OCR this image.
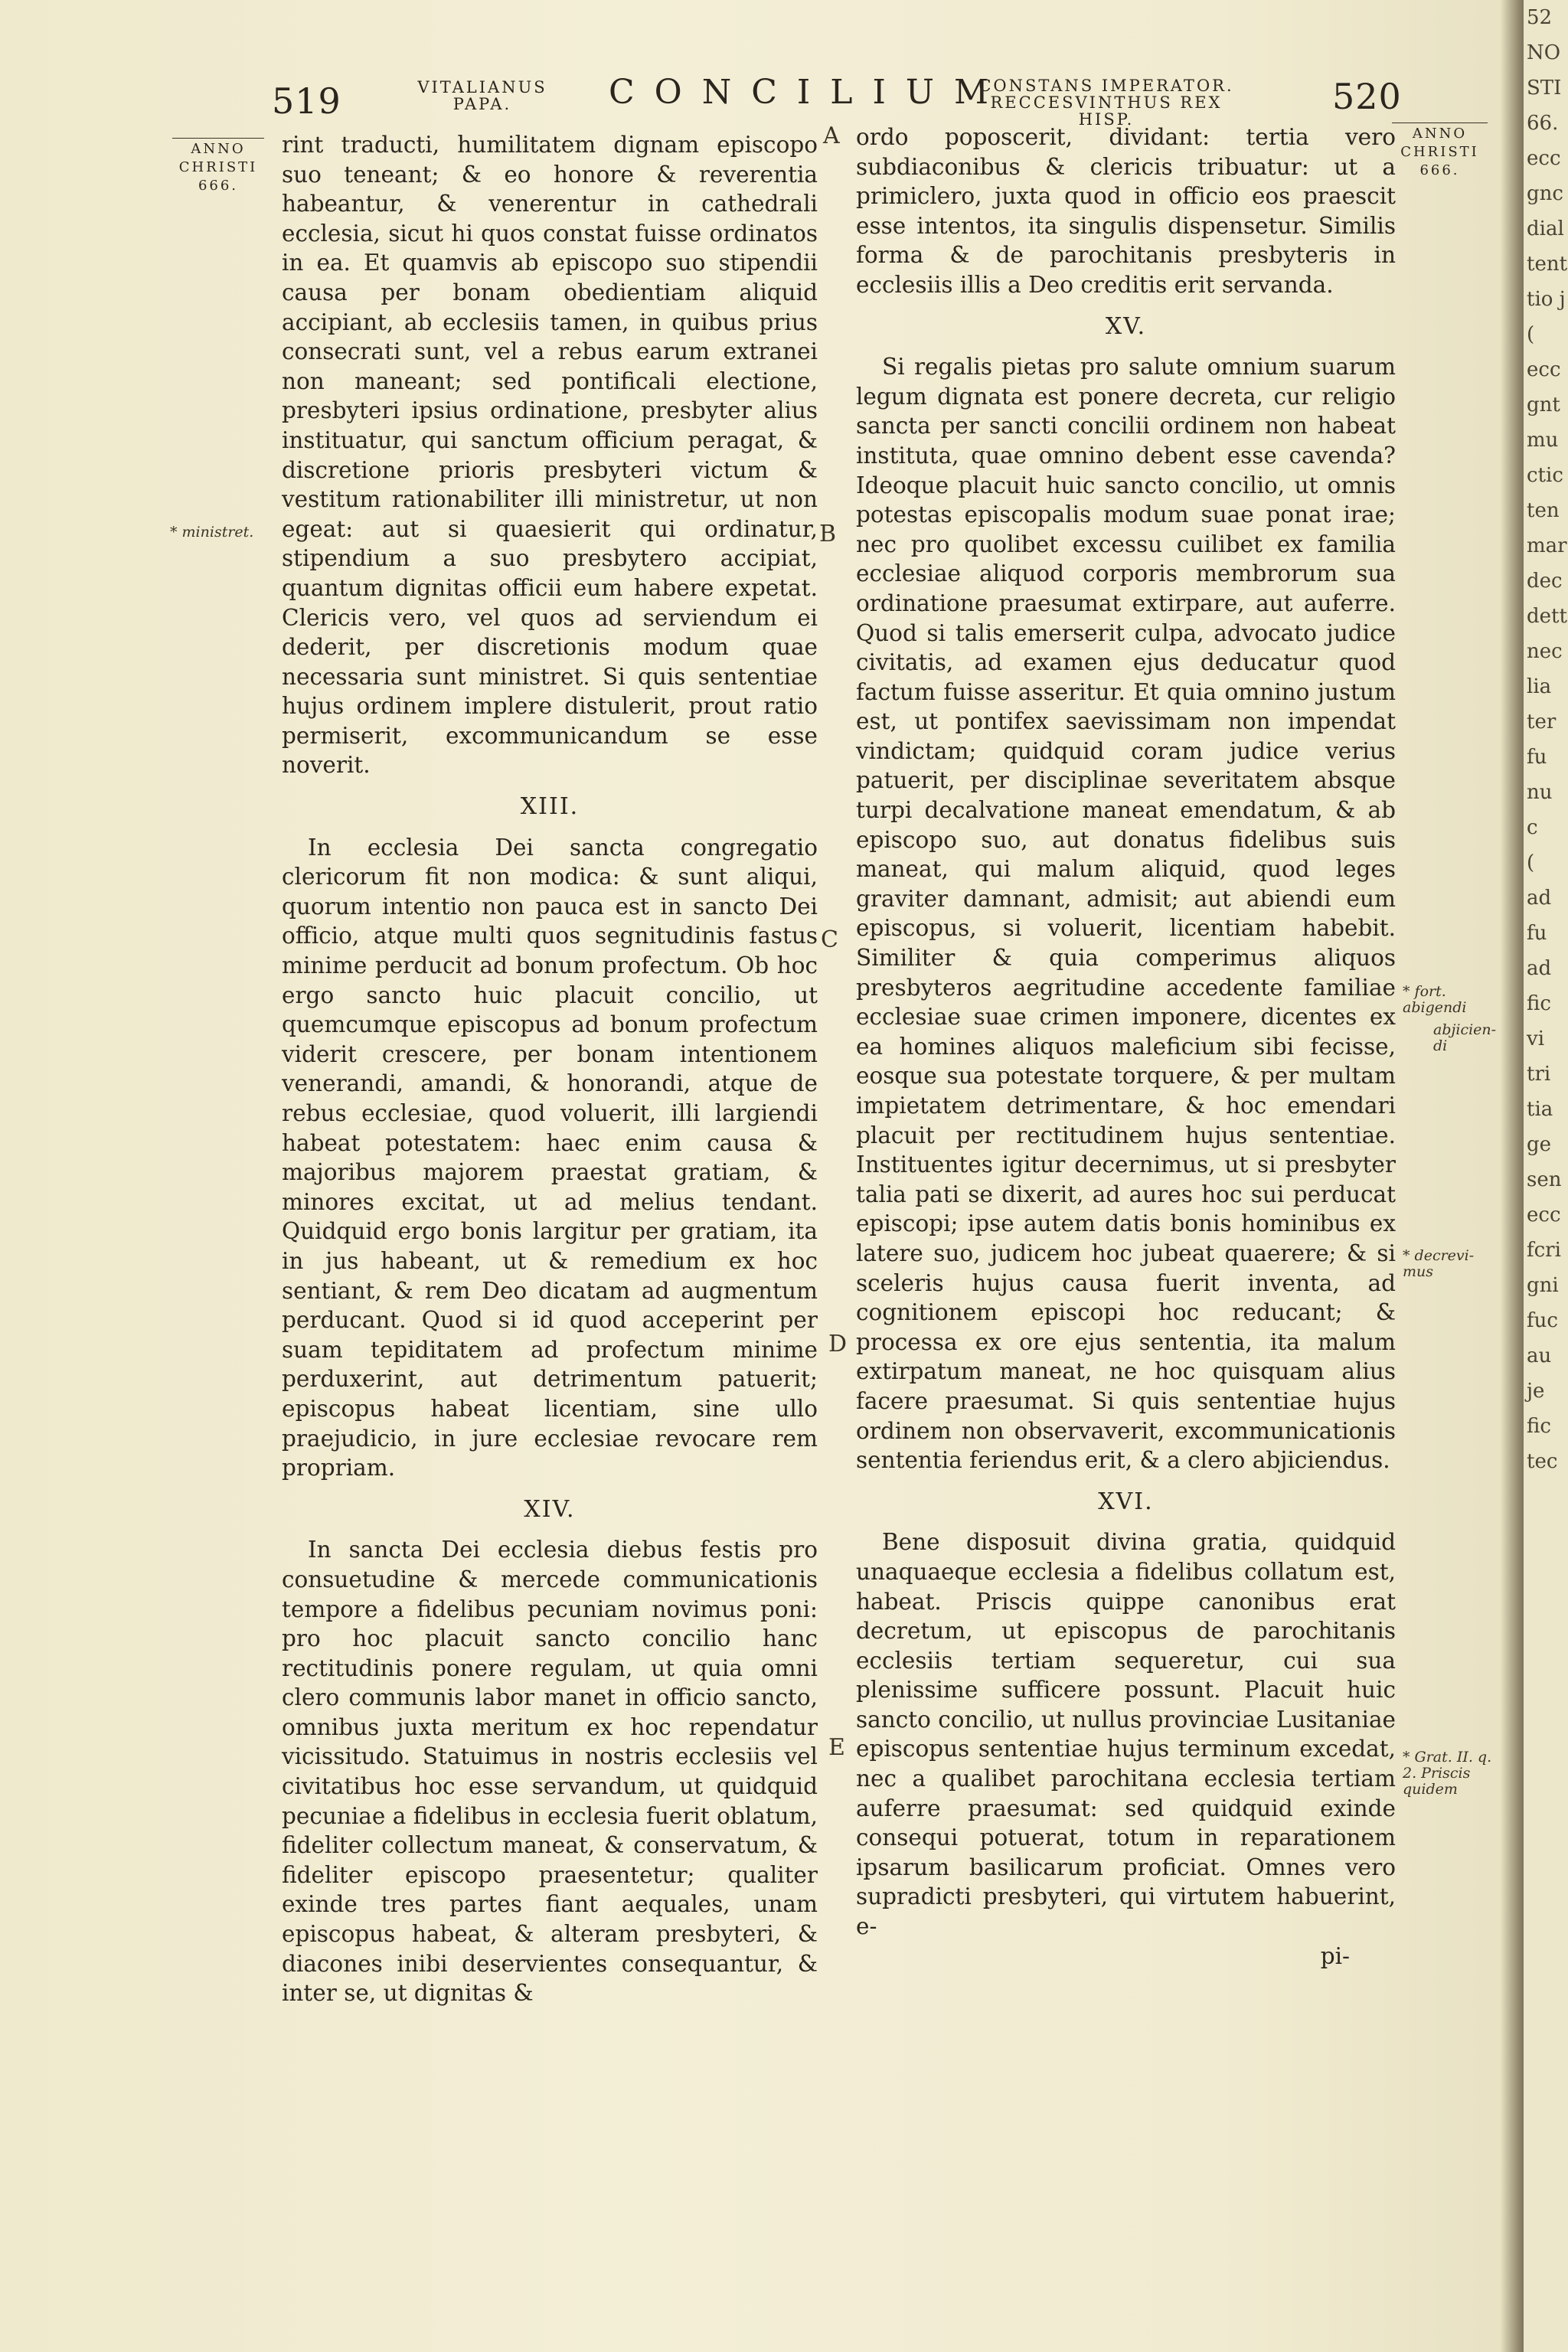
52
NO
STI
66.
ecc
gnc
dial
tent
tio j
(
ecc
gnt
mu
ctic
ten
mar
dec
dett
nec
lia
ter
fu
nu
c
(
ad
fu
ad
fic
vi
tri
tia
ge
sen
ecc
fcri
gni
fuc
au
je
fic
tec
519	VITALIANUS
PAPA.	CONCILIUM
CONSTANS IMPERATOR.
RECCESVINTHUS REX HISP.
520
ANNO
CHRISTI
666.
* ministret.
ANNO
CHRISTI
666.
* fort. abigendi
abjicien-di
* decrevi-mus
* Grat. II. q. 2. Priscis quidem
A
B
C
D
E

rint traducti, humilitatem dignam episcopo suo teneant; & eo honore & reverentia habeantur, & venerentur in cathedrali ecclesia, sicut hi quos constat fuisse ordinatos in ea. Et quamvis ab episcopo suo stipendii causa per bonam obedientiam aliquid accipiant, ab ecclesiis tamen, in quibus prius consecrati sunt, vel a rebus earum extranei non maneant; sed pontificali electione, presbyteri ipsius ordinatione, presbyter alius instituatur, qui sanctum officium peragat, & discretione prioris presbyteri victum & vestitum rationabiliter illi ministretur, ut non egeat: aut si quaesierit qui ordinatur, stipendium a suo presbytero accipiat, quantum dignitas officii eum habere expetat. Clericis vero, vel quos ad serviendum ei dederit, per discretionis modum quae necessaria sunt ministret. Si quis sententiae hujus ordinem implere distulerit, prout ratio permiserit, excommunicandum se esse noverit.

XIII.

In ecclesia Dei sancta congregatio clericorum fit non modica: & sunt aliqui, quorum intentio non pauca est in sancto Dei officio, atque multi quos segnitudinis fastus minime perducit ad bonum profectum. Ob hoc ergo sancto huic placuit concilio, ut quemcumque episcopus ad bonum profectum viderit crescere, per bonam intentionem venerandi, amandi, & honorandi, atque de rebus ecclesiae, quod voluerit, illi largiendi habeat potestatem: haec enim causa & majoribus majorem praestat gratiam, & minores excitat, ut ad melius tendant. Quidquid ergo bonis largitur per gratiam, ita in jus habeant, ut & remedium ex hoc sentiant, & rem Deo dicatam ad augmentum perducant. Quod si id quod acceperint per suam tepiditatem ad profectum minime perduxerint, aut detrimentum patuerit; episcopus habeat licentiam, sine ullo praejudicio, in jure ecclesiae revocare rem propriam.

XIV.

In sancta Dei ecclesia diebus festis pro consuetudine & mercede communicationis tempore a fidelibus pecuniam novimus poni: pro hoc placuit sancto concilio hanc rectitudinis ponere regulam, ut quia omni clero communis labor manet in officio sancto, omnibus juxta meritum ex hoc rependatur vicissitudo. Statuimus in nostris ecclesiis vel civitatibus hoc esse servandum, ut quidquid pecuniae a fidelibus in ecclesia fuerit oblatum, fideliter collectum maneat, & conservatum, & fideliter episcopo praesentetur; qualiter exinde tres partes fiant aequales, unam episcopus habeat, & alteram presbyteri, & diacones inibi deservientes consequantur, & inter se, ut dignitas &

ordo poposcerit, dividant: tertia vero subdiaconibus & clericis tribuatur: ut a primiclero, juxta quod in officio eos praescit esse intentos, ita singulis dispensetur. Similis forma & de parochitanis presbyteris in ecclesiis illis a Deo creditis erit servanda.

XV.

Si regalis pietas pro salute omnium suarum legum dignata est ponere decreta, cur religio sancta per sancti concilii ordinem non habeat instituta, quae omnino debent esse cavenda? Ideoque placuit huic sancto concilio, ut omnis potestas episcopalis modum suae ponat irae; nec pro quolibet excessu cuilibet ex familia ecclesiae aliquod corporis membrorum sua ordinatione praesumat extirpare, aut auferre. Quod si talis emerserit culpa, advocato judice civitatis, ad examen ejus deducatur quod factum fuisse asseritur. Et quia omnino justum est, ut pontifex saevissimam non impendat vindictam; quidquid coram judice verius patuerit, per disciplinae severitatem absque turpi decalvatione maneat emendatum, & ab episcopo suo, aut donatus fidelibus suis maneat, qui malum aliquid, quod leges graviter damnant, admisit; aut abiendi eum episcopus, si voluerit, licentiam habebit. Similiter & quia comperimus aliquos presbyteros aegritudine accedente familiae ecclesiae suae crimen imponere, dicentes ex ea homines aliquos maleficium sibi fecisse, eosque sua potestate torquere, & per multam impietatem detrimentare, & hoc emendari placuit per rectitudinem hujus sententiae. Instituentes igitur decernimus, ut si presbyter talia pati se dixerit, ad aures hoc sui perducat episcopi; ipse autem datis bonis hominibus ex latere suo, judicem hoc jubeat quaerere; & si sceleris hujus causa fuerit inventa, ad cognitionem episcopi hoc reducant; & processa ex ore ejus sententia, ita malum extirpatum maneat, ne hoc quisquam alius facere praesumat. Si quis sententiae hujus ordinem non observaverit, excommunicationis sententia feriendus erit, & a clero abjiciendus.

XVI.

Bene disposuit divina gratia, quidquid unaquaeque ecclesia a fidelibus collatum est, habeat. Priscis quippe canonibus erat decretum, ut episcopus de parochitanis ecclesiis tertiam sequeretur, cui sua plenissime sufficere possunt. Placuit huic sancto concilio, ut nullus provinciae Lusitaniae episcopus sententiae hujus terminum excedat, nec a qualibet parochitana ecclesia tertiam auferre praesumat: sed quidquid exinde consequi potuerat, totum in reparationem ipsarum basilicarum proficiat. Omnes vero supradicti presbyteri, qui virtutem habuerint, e-

pi-
